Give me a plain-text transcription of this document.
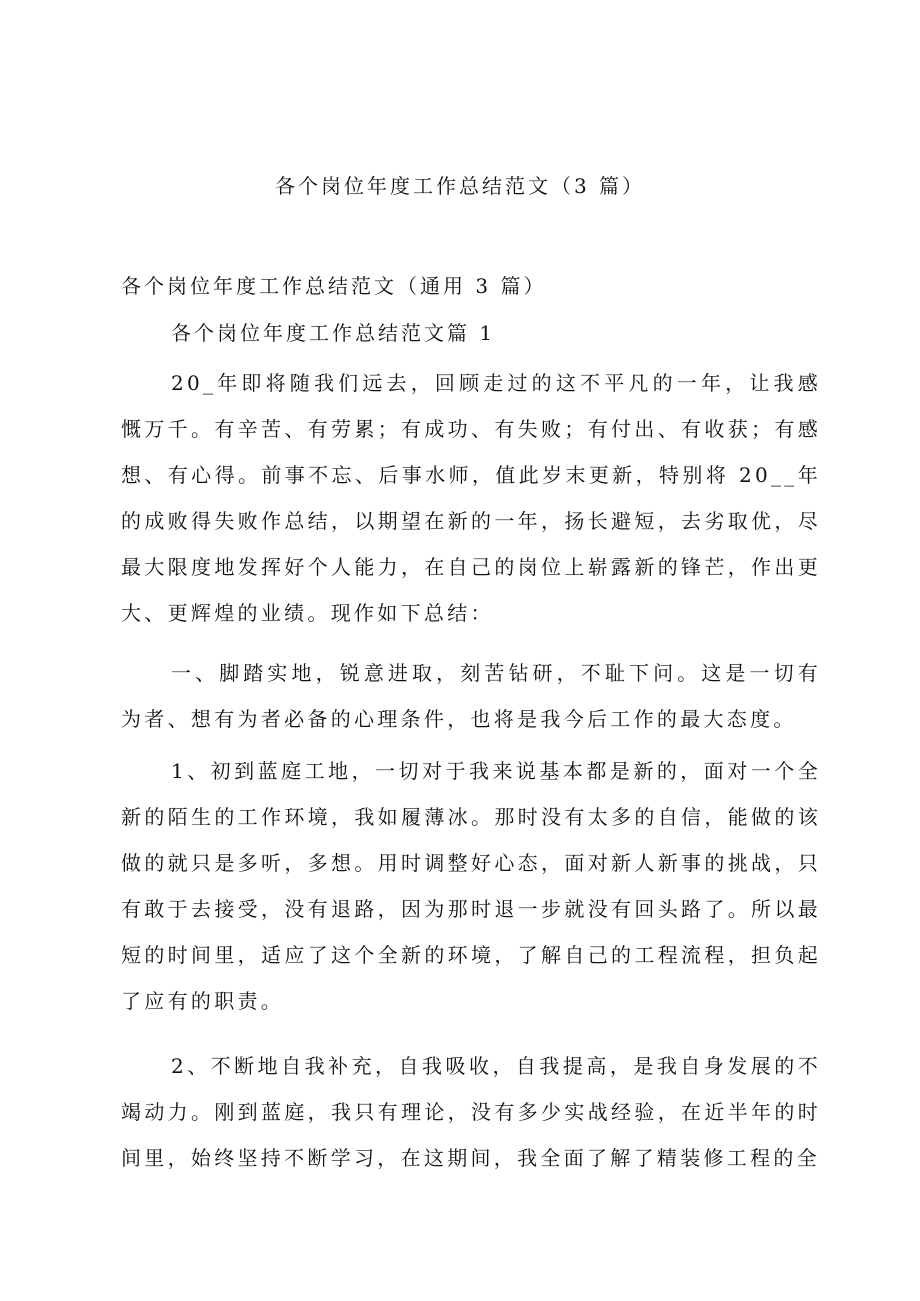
各个岗位年度工作总结范文（3 篇）
各个岗位年度工作总结范文（通用 3 篇）
各个岗位年度工作总结范文篇 1

20_年即将随我们远去，回顾走过的这不平凡的一年，让我感慨万千。有辛苦、有劳累；有成功、有失败；有付出、有收获；有感想、有心得。前事不忘、后事水师，值此岁末更新，特别将 20__年的成败得失败作总结，以期望在新的一年，扬长避短，去劣取优，尽最大限度地发挥好个人能力，在自己的岗位上崭露新的锋芒，作出更大、更辉煌的业绩。现作如下总结：

一、脚踏实地，锐意进取，刻苦钻研，不耻下问。这是一切有为者、想有为者必备的心理条件，也将是我今后工作的最大态度。

1、初到蓝庭工地，一切对于我来说基本都是新的，面对一个全新的陌生的工作环境，我如履薄冰。那时没有太多的自信，能做的该做的就只是多听，多想。用时调整好心态，面对新人新事的挑战，只有敢于去接受，没有退路，因为那时退一步就没有回头路了。所以最短的时间里，适应了这个全新的环境，了解自己的工程流程，担负起了应有的职责。

2、不断地自我补充，自我吸收，自我提高，是我自身发展的不竭动力。刚到蓝庭，我只有理论，没有多少实战经验，在近半年的时间里，始终坚持不断学习，在这期间，我全面了解了精装修工程的全
